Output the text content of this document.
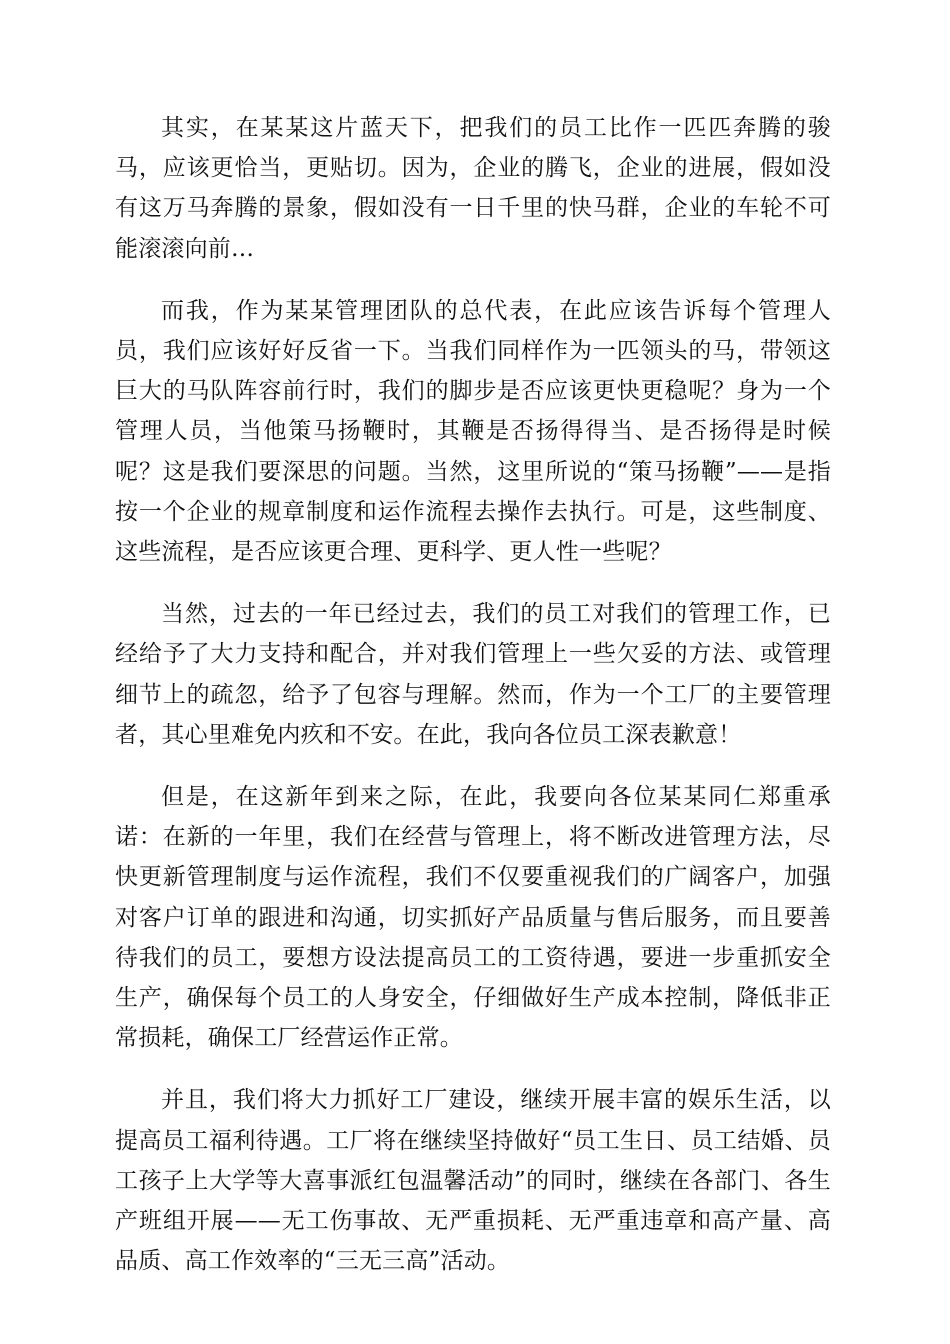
其实，在某某这片蓝天下，把我们的员工比作一匹匹奔腾的骏马，应该更恰当，更贴切。因为，企业的腾飞，企业的进展，假如没有这万马奔腾的景象，假如没有一日千里的快马群，企业的车轮不可能滚滚向前…

而我，作为某某管理团队的总代表，在此应该告诉每个管理人员，我们应该好好反省一下。当我们同样作为一匹领头的马，带领这巨大的马队阵容前行时，我们的脚步是否应该更快更稳呢？身为一个管理人员，当他策马扬鞭时，其鞭是否扬得得当、是否扬得是时候呢？这是我们要深思的问题。当然，这里所说的“策马扬鞭”——是指按一个企业的规章制度和运作流程去操作去执行。可是，这些制度、这些流程，是否应该更合理、更科学、更人性一些呢？

当然，过去的一年已经过去，我们的员工对我们的管理工作，已经给予了大力支持和配合，并对我们管理上一些欠妥的方法、或管理细节上的疏忽，给予了包容与理解。然而，作为一个工厂的主要管理者，其心里难免内疚和不安。在此，我向各位员工深表歉意！

但是，在这新年到来之际，在此，我要向各位某某同仁郑重承诺：在新的一年里，我们在经营与管理上，将不断改进管理方法，尽快更新管理制度与运作流程，我们不仅要重视我们的广阔客户，加强对客户订单的跟进和沟通，切实抓好产品质量与售后服务，而且要善待我们的员工，要想方设法提高员工的工资待遇，要进一步重抓安全生产，确保每个员工的人身安全，仔细做好生产成本控制，降低非正常损耗，确保工厂经营运作正常。

并且，我们将大力抓好工厂建设，继续开展丰富的娱乐生活，以提高员工福利待遇。工厂将在继续坚持做好“员工生日、员工结婚、员工孩子上大学等大喜事派红包温馨活动”的同时，继续在各部门、各生产班组开展——无工伤事故、无严重损耗、无严重违章和高产量、高品质、高工作效率的“三无三高”活动。
